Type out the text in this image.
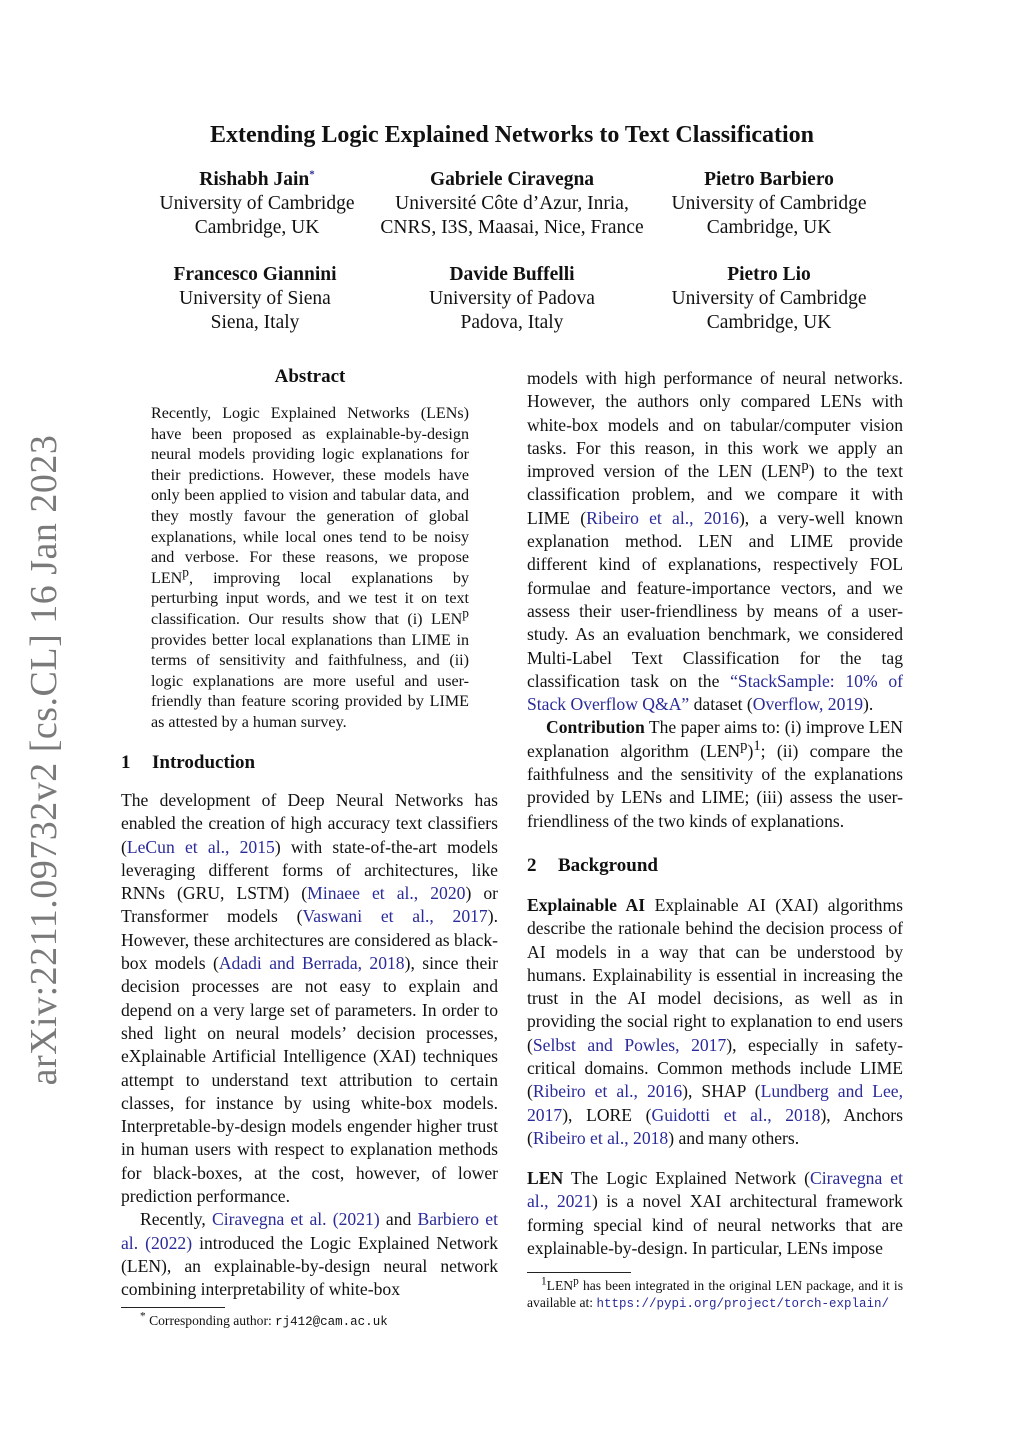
arXiv:2211.09732v2 [cs.CL] 16 Jan 2023
Extending Logic Explained Networks to Text Classification
Rishabh Jain*
University of Cambridge
Cambridge, UK
Gabriele Ciravegna
Université Côte d’Azur, Inria,
CNRS, I3S, Maasai, Nice, France
Pietro Barbiero
University of Cambridge
Cambridge, UK
Francesco Giannini
University of Siena
Siena, Italy
Davide Buffelli
University of Padova
Padova, Italy
Pietro Lio
University of Cambridge
Cambridge, UK
Abstract
Recently, Logic Explained Networks (LENs) have been proposed as explainable-by-design neural models providing logic explanations for their predictions. However, these models have only been applied to vision and tabular data, and they mostly favour the generation of global explanations, while local ones tend to be noisy and verbose. For these reasons, we propose LEN$^p$, improving local explanations by perturbing input words, and we test it on text classification. Our results show that (i) LEN$^p$ provides better local explanations than LIME in terms of sensitivity and faithfulness, and (ii) logic explanations are more useful and user-friendly than feature scoring provided by LIME as attested by a human survey.
1 Introduction

The development of Deep Neural Networks has enabled the creation of high accuracy text classifiers (LeCun et al., 2015) with state-of-the-art models leveraging different forms of architectures, like RNNs (GRU, LSTM) (Minaee et al., 2020) or Transformer models (Vaswani et al., 2017). However, these architectures are considered as black-box models (Adadi and Berrada, 2018), since their decision processes are not easy to explain and depend on a very large set of parameters. In order to shed light on neural models’ decision processes, eXplainable Artificial Intelligence (XAI) techniques attempt to understand text attribution to certain classes, for instance by using white-box models. Interpretable-by-design models engender higher trust in human users with respect to explanation methods for black-boxes, at the cost, however, of lower prediction performance.

Recently, Ciravegna et al. (2021) and Barbiero et al. (2022) introduced the Logic Explained Network (LEN), an explainable-by-design neural network combining interpretability of white-box

models with high performance of neural networks. However, the authors only compared LENs with white-box models and on tabular/computer vision tasks. For this reason, in this work we apply an improved version of the LEN (LEN$^p$) to the text classification problem, and we compare it with LIME (Ribeiro et al., 2016), a very-well known explanation method. LEN and LIME provide different kind of explanations, respectively FOL formulae and feature-importance vectors, and we assess their user-friendliness by means of a user-study. As an evaluation benchmark, we considered Multi-Label Text Classification for the tag classification task on the “StackSample: 10% of Stack Overflow Q&A” dataset (Overflow, 2019).

Contribution The paper aims to: (i) improve LEN explanation algorithm $(LEN^p)^1$; (ii) compare the faithfulness and the sensitivity of the explanations provided by LENs and LIME; (iii) assess the user-friendliness of the two kinds of explanations.

2 Background

Explainable AI Explainable AI (XAI) algorithms describe the rationale behind the decision process of AI models in a way that can be understood by humans. Explainability is essential in increasing the trust in the AI model decisions, as well as in providing the social right to explanation to end users (Selbst and Powles, 2017), especially in safety-critical domains. Common methods include LIME (Ribeiro et al., 2016), SHAP (Lundberg and Lee, 2017), LORE (Guidotti et al., 2018), Anchors (Ribeiro et al., 2018) and many others.

LEN The Logic Explained Network (Ciravegna et al., 2021) is a novel XAI architectural framework forming special kind of neural networks that are explainable-by-design. In particular, LENs impose

* Corresponding author: rj412@cam.ac.uk
$^1$LEN$^p$ has been integrated in the original LEN package, and it is available at: https://pypi.org/project/torch-explain/
